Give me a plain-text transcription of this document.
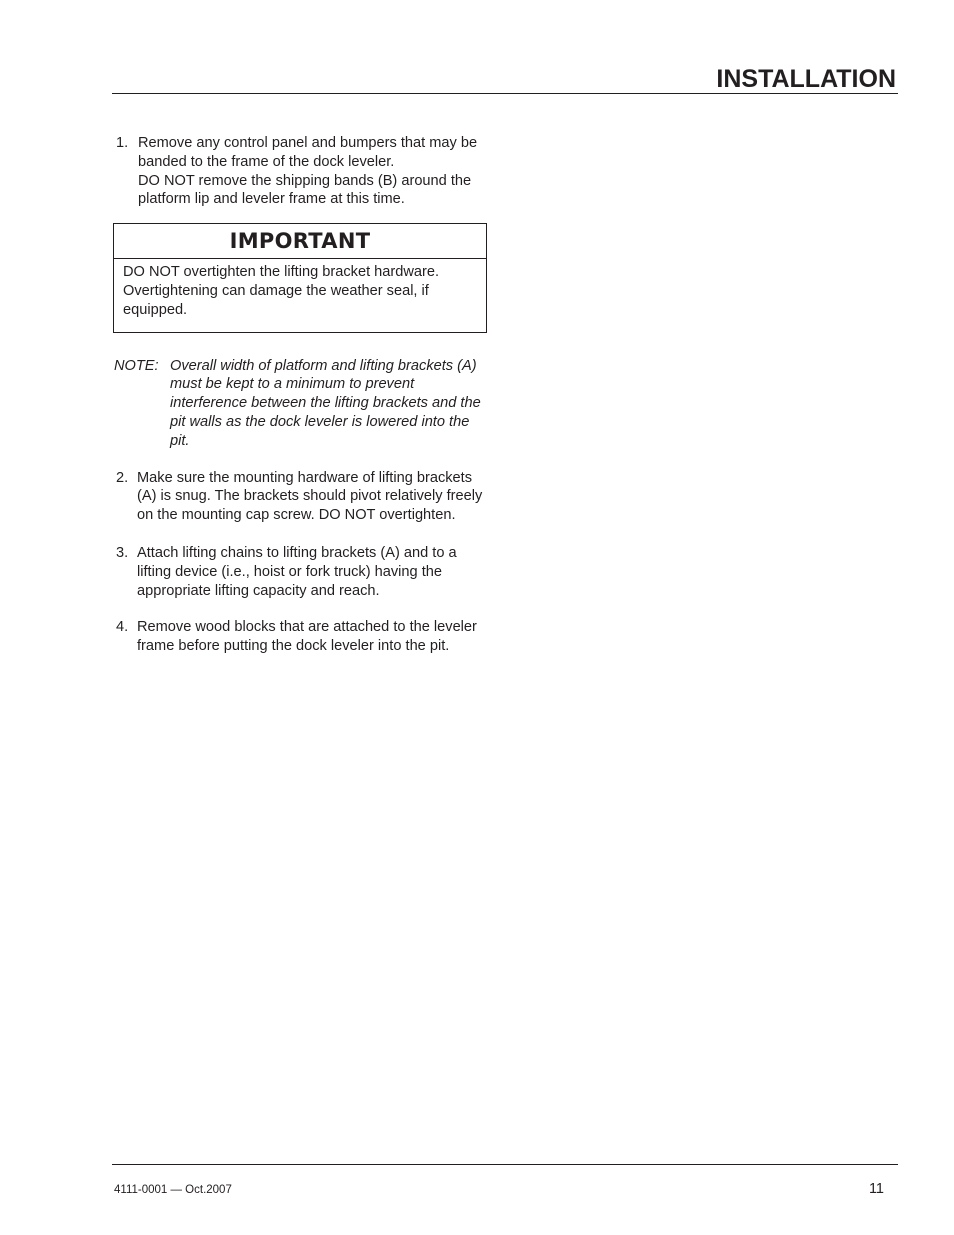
INSTALLATION
1. Remove any control panel and bumpers that may be banded to the frame of the dock leveler.

DO NOT remove the shipping bands (B) around the platform lip and leveler frame at this time.

IMPORTANT
DO NOT overtighten the lifting bracket hardware. Overtightening can damage the weather seal, if equipped.
NOTE: Overall width of platform and lifting brackets (A) must be kept to a minimum to prevent interference between the lifting brackets and the pit walls as the dock leveler is lowered into the pit.
2. Make sure the mounting hardware of lifting brackets (A) is snug. The brackets should pivot relatively freely on the mounting cap screw. DO NOT overtighten.

3. Attach lifting chains to lifting brackets (A) and to a lifting device (i.e., hoist or fork truck) having the appropriate lifting capacity and reach.

4. Remove wood blocks that are attached to the leveler frame before putting the dock leveler into the pit.

4111-0001 — Oct.2007	11
